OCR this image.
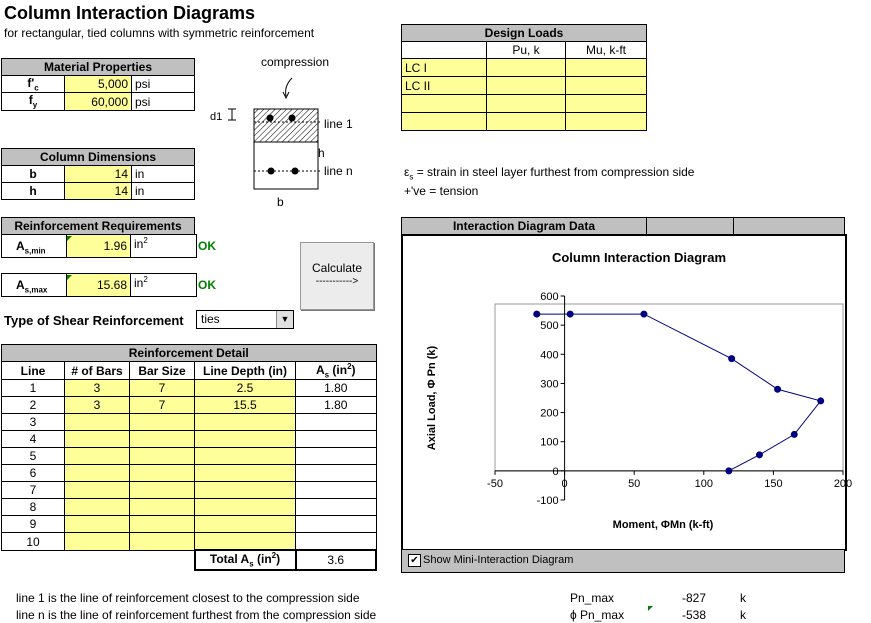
Column Interaction Diagrams
for rectangular, tied columns with symmetric reinforcement
Material Properties		
$f'_c$	5,000	psi
$f_y$	60,000	psi
compression
d1	line 1
h
line n
b
Column Dimensions		
b	14	in
h	14	in
Reinforcement Requirements
$A_{s,min}$	1.96 $in^2$	OK
$A_{s,max}$	15.68 $in^2$	OK
Calculate
----------->
Type of Shear Reinforcement ties	▼
Reinforcement Detail				
Line	# of Bars	Bar Size	Line Depth (in)	$A_s$ $(in^2)$
1	3	7	2.5	1.80
2	3	7	15.5	1.80
3				
4				
5				
6				
7				
8				
9				
10				
			Total $A_s$ $(in^2)$	3.6
Design Loads		
	Pu, k	Mu, k-ft
LC I		
LC II		

$\varepsilon_s$ = strain in steel layer furthest from compression side
+'ve = tension
Interaction Diagram Data		
Column Interaction Diagram
-100
0
100
200
300
400
500
600
-50	0	50	100	150	200
Moment, ΦMn (k-ft)
Axial Load, Φ Pn (k)
✔ Show Mini-Interaction Diagram
line 1 is the line of reinforcement closest to the compression side
line n is the line of reinforcement furthest from the compression side
Pn_max	-827	k
ϕ Pn_max	-538	k
